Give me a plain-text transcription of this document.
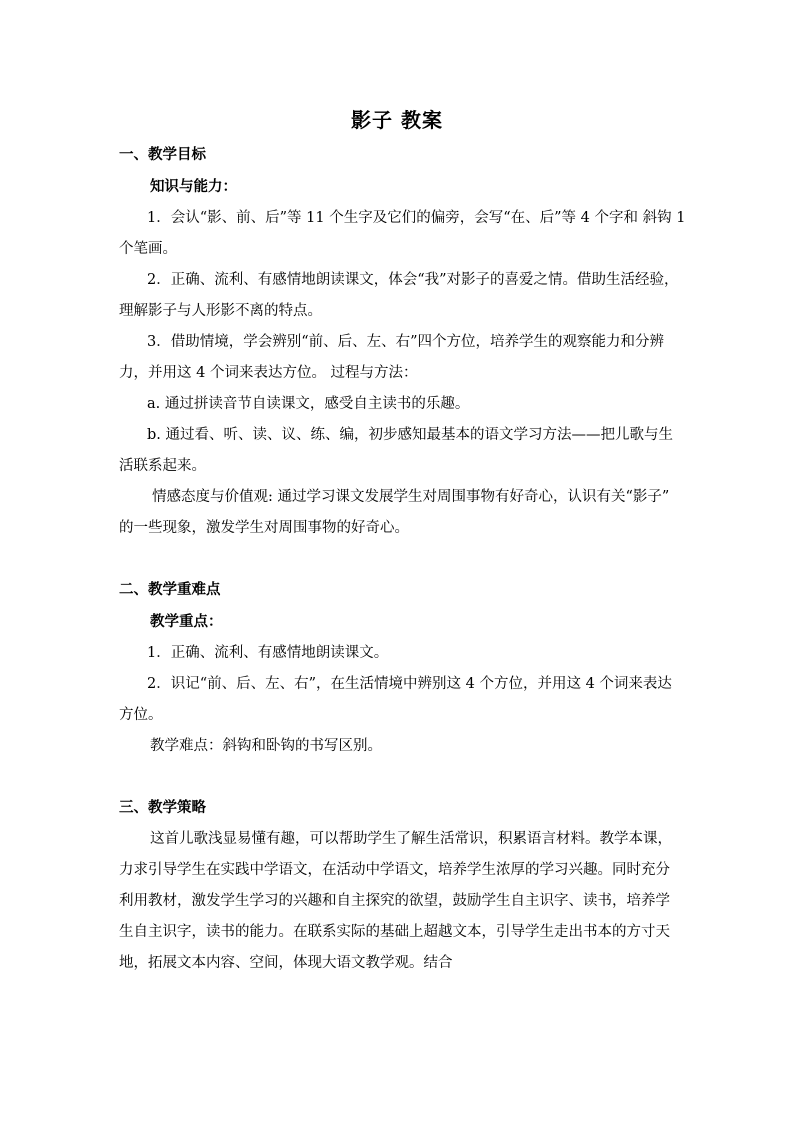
影子 教案
一、教学目标
知识与能力：
1．会认“影、前、后”等 11 个生字及它们的偏旁，会写“在、后”等 4 个字和 斜钩 1
个笔画。
2．正确、流利、有感情地朗读课文，体会“我”对影子的喜爱之情。借助生活经验，
理解影子与人形影不离的特点。
3．借助情境，学会辨别“前、后、左、右”四个方位，培养学生的观察能力和分辨
力，并用这 4 个词来表达方位。 过程与方法：
a. 通过拼读音节自读课文，感受自主读书的乐趣。
b. 通过看、听、读、议、练、编，初步感知最基本的语文学习方法——把儿歌与生
活联系起来。
情感态度与价值观: 通过学习课文发展学生对周围事物有好奇心，认识有关“影子”
的一些现象，激发学生对周围事物的好奇心。
二、教学重难点
教学重点：
1．正确、流利、有感情地朗读课文。
2．识记“前、后、左、右”，在生活情境中辨别这 4 个方位，并用这 4 个词来表达
方位。
教学难点：斜钩和卧钩的书写区别。
三、教学策略
这首儿歌浅显易懂有趣，可以帮助学生了解生活常识，积累语言材料。教学本课，
力求引导学生在实践中学语文，在活动中学语文，培养学生浓厚的学习兴趣。同时充分
利用教材，激发学生学习的兴趣和自主探究的欲望，鼓励学生自主识字、读书，培养学
生自主识字，读书的能力。在联系实际的基础上超越文本，引导学生走出书本的方寸天
地，拓展文本内容、空间，体现大语文教学观。结合
